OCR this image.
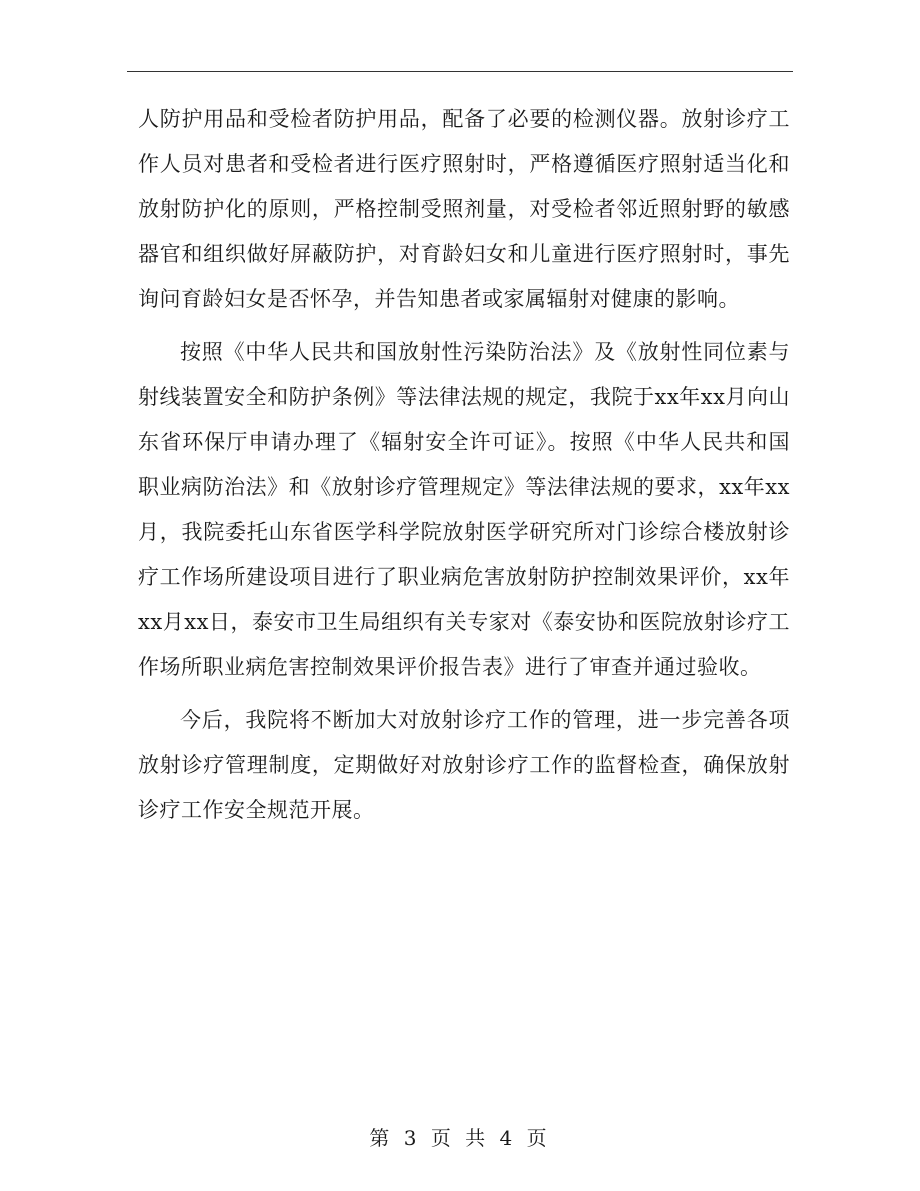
人防护用品和受检者防护用品，配备了必要的检测仪器。放射诊疗工作人员对患者和受检者进行医疗照射时，严格遵循医疗照射适当化和放射防护化的原则，严格控制受照剂量，对受检者邻近照射野的敏感器官和组织做好屏蔽防护，对育龄妇女和儿童进行医疗照射时，事先询问育龄妇女是否怀孕，并告知患者或家属辐射对健康的影响。

按照《中华人民共和国放射性污染防治法》及《放射性同位素与射线装置安全和防护条例》等法律法规的规定，我院于xx年xx月向山东省环保厅申请办理了《辐射安全许可证》。按照《中华人民共和国职业病防治法》和《放射诊疗管理规定》等法律法规的要求，xx年xx月，我院委托山东省医学科学院放射医学研究所对门诊综合楼放射诊疗工作场所建设项目进行了职业病危害放射防护控制效果评价，xx年xx月xx日，泰安市卫生局组织有关专家对《泰安协和医院放射诊疗工作场所职业病危害控制效果评价报告表》进行了审查并通过验收。

今后，我院将不断加大对放射诊疗工作的管理，进一步完善各项放射诊疗管理制度，定期做好对放射诊疗工作的监督检查，确保放射诊疗工作安全规范开展。

第 3 页 共 4 页
